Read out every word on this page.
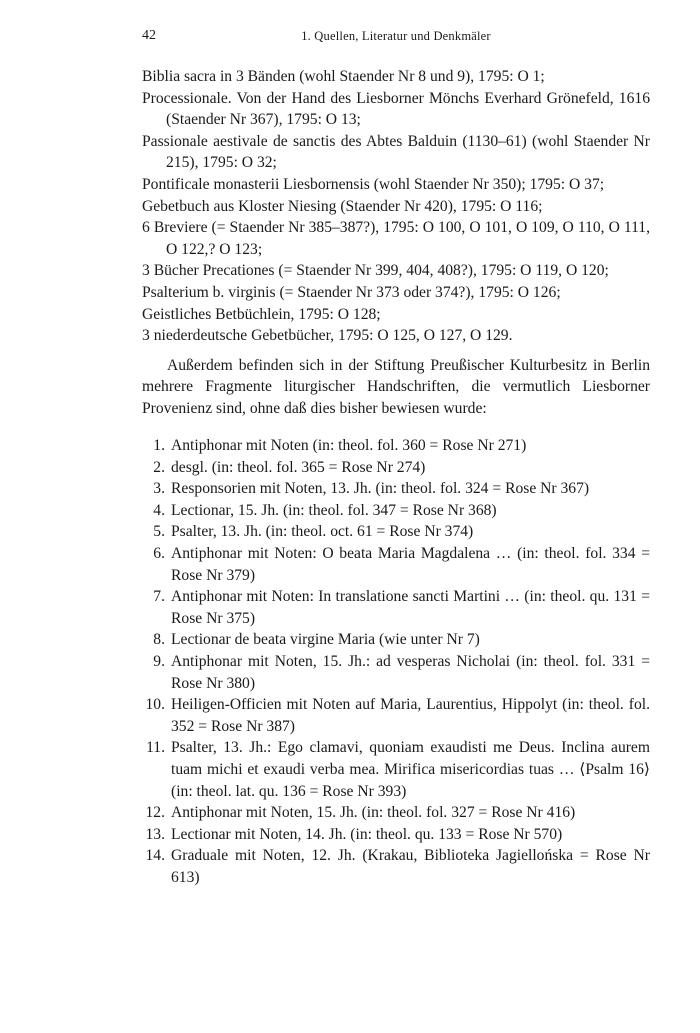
42	1. Quellen, Literatur und Denkmäler
Biblia sacra in 3 Bänden (wohl Staender Nr 8 und 9), 1795: O 1;
Processionale. Von der Hand des Liesborner Mönchs Everhard Grönefeld, 1616 (Staender Nr 367), 1795: O 13;
Passionale aestivale de sanctis des Abtes Balduin (1130–61) (wohl Staender Nr 215), 1795: O 32;
Pontificale monasterii Liesbornensis (wohl Staender Nr 350); 1795: O 37;
Gebetbuch aus Kloster Niesing (Staender Nr 420), 1795: O 116;
6 Breviere (= Staender Nr 385–387?), 1795: O 100, O 101, O 109, O 110, O 111, O 122,? O 123;
3 Bücher Precationes (= Staender Nr 399, 404, 408?), 1795: O 119, O 120;
Psalterium b. virginis (= Staender Nr 373 oder 374?), 1795: O 126;
Geistliches Betbüchlein, 1795: O 128;
3 niederdeutsche Gebetbücher, 1795: O 125, O 127, O 129.

Außerdem befinden sich in der Stiftung Preußischer Kulturbesitz in Berlin mehrere Fragmente liturgischer Handschriften, die vermutlich Liesborner Provenienz sind, ohne daß dies bisher bewiesen wurde:

1. Antiphonar mit Noten (in: theol. fol. 360 = Rose Nr 271)
2. desgl. (in: theol. fol. 365 = Rose Nr 274)
3. Responsorien mit Noten, 13. Jh. (in: theol. fol. 324 = Rose Nr 367)
4. Lectionar, 15. Jh. (in: theol. fol. 347 = Rose Nr 368)
5. Psalter, 13. Jh. (in: theol. oct. 61 = Rose Nr 374)
6. Antiphonar mit Noten: O beata Maria Magdalena … (in: theol. fol. 334 = Rose Nr 379)
7. Antiphonar mit Noten: In translatione sancti Martini … (in: theol. qu. 131 = Rose Nr 375)
8. Lectionar de beata virgine Maria (wie unter Nr 7)
9. Antiphonar mit Noten, 15. Jh.: ad vesperas Nicholai (in: theol. fol. 331 = Rose Nr 380)
10. Heiligen-Officien mit Noten auf Maria, Laurentius, Hippolyt (in: theol. fol. 352 = Rose Nr 387)
11. Psalter, 13. Jh.: Ego clamavi, quoniam exaudisti me Deus. Inclina aurem tuam michi et exaudi verba mea. Mirifica misericordias tuas … ⟨Psalm 16⟩ (in: theol. lat. qu. 136 = Rose Nr 393)
12. Antiphonar mit Noten, 15. Jh. (in: theol. fol. 327 = Rose Nr 416)
13. Lectionar mit Noten, 14. Jh. (in: theol. qu. 133 = Rose Nr 570)
14. Graduale mit Noten, 12. Jh. (Krakau, Biblioteka Jagiellońska = Rose Nr 613)
